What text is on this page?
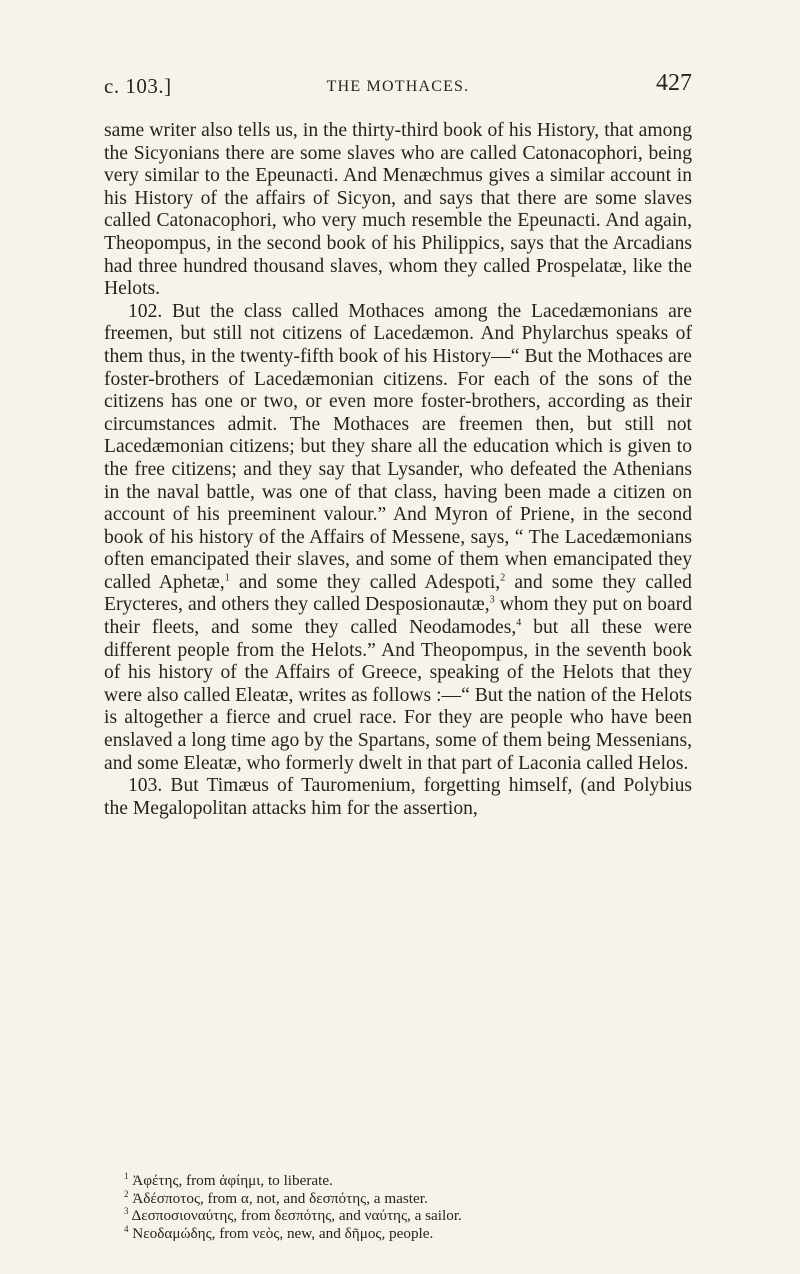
c. 103.]	THE MOTHACES.	427

same writer also tells us, in the thirty-third book of his History, that among the Sicyonians there are some slaves who are called Catonacophori, being very similar to the Epeunacti. And Menæchmus gives a similar account in his History of the affairs of Sicyon, and says that there are some slaves called Catonacophori, who very much resemble the Epeunacti. And again, Theopompus, in the second book of his Philippics, says that the Arcadians had three hundred thousand slaves, whom they called Prospelatæ, like the Helots.

102. But the class called Mothaces among the Lacedæmonians are freemen, but still not citizens of Lacedæmon. And Phylarchus speaks of them thus, in the twenty-fifth book of his History—“ But the Mothaces are foster-brothers of Lacedæmonian citizens. For each of the sons of the citizens has one or two, or even more foster-brothers, according as their circumstances admit. The Mothaces are freemen then, but still not Lacedæmonian citizens; but they share all the education which is given to the free citizens; and they say that Lysander, who defeated the Athenians in the naval battle, was one of that class, having been made a citizen on account of his preeminent valour.” And Myron of Priene, in the second book of his history of the Affairs of Messene, says, “ The Lacedæmonians often emancipated their slaves, and some of them when emancipated they called Aphetæ,$^1$ and some they called Adespoti,$^2$ and some they called Erycteres, and others they called Desposionautæ,$^3$ whom they put on board their fleets, and some they called Neodamodes,$^4$ but all these were different people from the Helots.” And Theopompus, in the seventh book of his history of the Affairs of Greece, speaking of the Helots that they were also called Eleatæ, writes as follows :—“ But the nation of the Helots is altogether a fierce and cruel race. For they are people who have been enslaved a long time ago by the Spartans, some of them being Messenians, and some Eleatæ, who formerly dwelt in that part of Laconia called Helos.

103. But Timæus of Tauromenium, forgetting himself, (and Polybius the Megalopolitan attacks him for the assertion,

$^1$ Ἀφέτης, from ἀφίημι, to liberate.
$^2$ Ἀδέσποτος, from α, not, and δεσπότης, a master.
$^3$ Δεσποσιοναύτης, from δεσπότης, and ναύτης, a sailor.
$^4$ Νεοδαμώδης, from νεὸς, new, and δῆμος, people.
